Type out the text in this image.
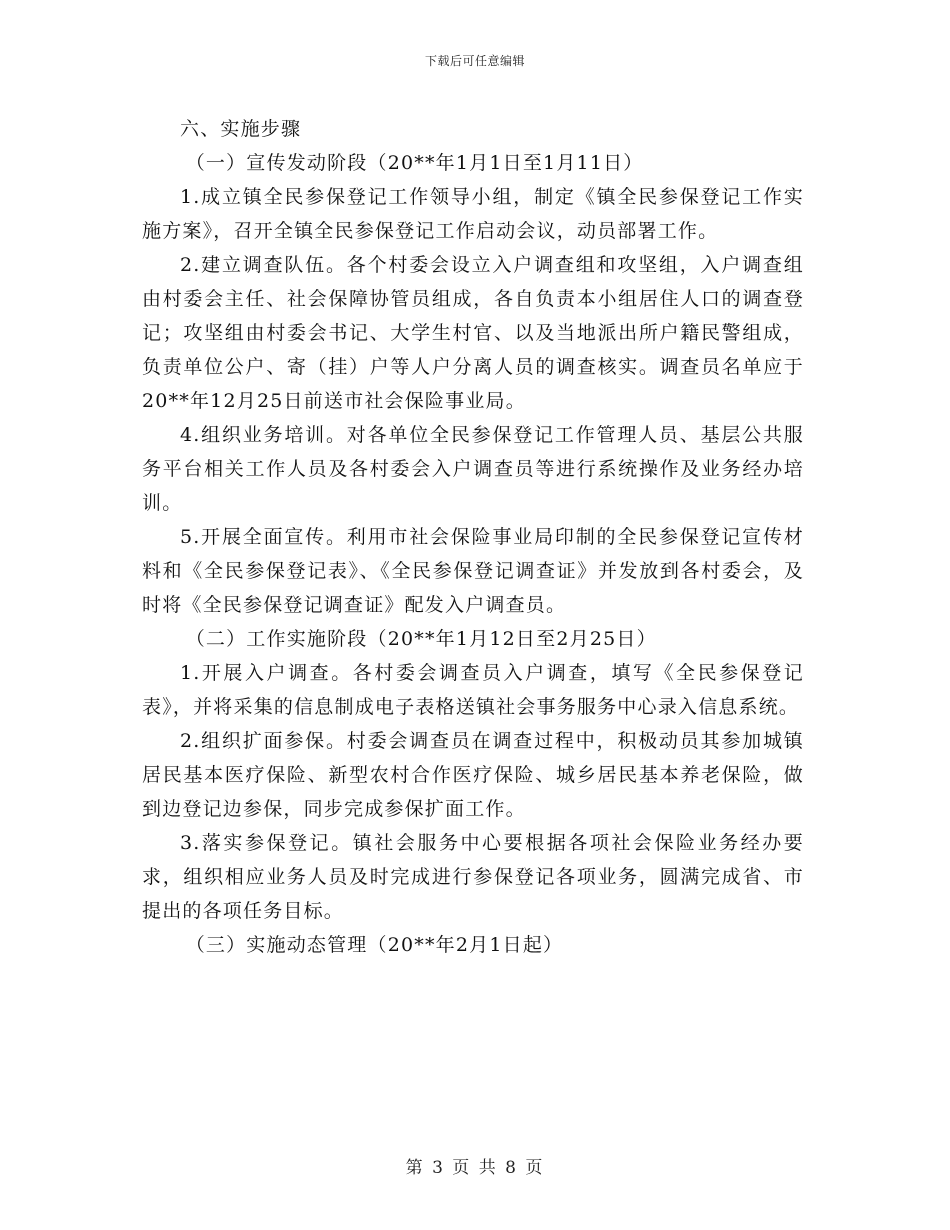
下载后可任意编辑

六、实施步骤

（一）宣传发动阶段（20**年1月1日至1月11日）

1.成立镇全民参保登记工作领导小组，制定《镇全民参保登记工作实施方案》，召开全镇全民参保登记工作启动会议，动员部署工作。

2.建立调查队伍。各个村委会设立入户调查组和攻坚组，入户调查组由村委会主任、社会保障协管员组成，各自负责本小组居住人口的调查登记；攻坚组由村委会书记、大学生村官、以及当地派出所户籍民警组成，负责单位公户、寄（挂）户等人户分离人员的调查核实。调查员名单应于20**年12月25日前送市社会保险事业局。

4.组织业务培训。对各单位全民参保登记工作管理人员、基层公共服务平台相关工作人员及各村委会入户调查员等进行系统操作及业务经办培训。

5.开展全面宣传。利用市社会保险事业局印制的全民参保登记宣传材料和《全民参保登记表》、《全民参保登记调查证》并发放到各村委会，及时将《全民参保登记调查证》配发入户调查员。

（二）工作实施阶段（20**年1月12日至2月25日）

1.开展入户调查。各村委会调查员入户调查，填写《全民参保登记表》，并将采集的信息制成电子表格送镇社会事务服务中心录入信息系统。

2.组织扩面参保。村委会调查员在调查过程中，积极动员其参加城镇居民基本医疗保险、新型农村合作医疗保险、城乡居民基本养老保险，做到边登记边参保，同步完成参保扩面工作。

3.落实参保登记。镇社会服务中心要根据各项社会保险业务经办要求，组织相应业务人员及时完成进行参保登记各项业务，圆满完成省、市提出的各项任务目标。

（三）实施动态管理（20**年2月1日起）

第 3 页 共 8 页
